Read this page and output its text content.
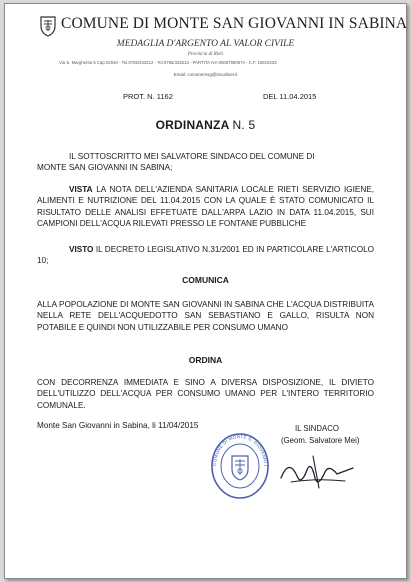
COMUNE DI MONTE SAN GIOVANNI IN SABINA
MEDAGLIA D'ARGENTO AL VALOR CIVILE
Provincia di Rieti
Via S. Margherita 5 Cap.02040 - Tel.0765/333212 - Tel.0765/333213 - PARTITA IVA 00087990574 - C.F. 15810233
Email: comunemsg@tiscalinet.it
PROT. N. 1162	DEL 11.04.2015
ORDINANZA N. 5
IL SOTTOSCRITTO MEI SALVATORE SINDACO DEL COMUNE DI
MONTE SAN GIOVANNI IN SABINA;
VISTA LA NOTA DELL'AZIENDA SANITARIA LOCALE RIETI SERVIZIO IGIENE, ALIMENTI E NUTRIZIONE DEL 11.04.2015 CON LA QUALE È STATO COMUNICATO IL RISULTATO DELLE ANALISI EFFETUATE DALL'ARPA LAZIO IN DATA 11.04.2015, SUI CAMPIONI DELL'ACQUA RILEVATI PRESSO LE FONTANE PUBBLICHE
VISTO IL DECRETO LEGISLATIVO N.31/2001 ED IN PARTICOLARE L'ARTICOLO 10;
COMUNICA
ALLA POPOLAZIONE DI MONTE SAN GIOVANNI IN SABINA CHE L'ACQUA DISTRIBUITA NELLA RETE DELL'ACQUEDOTTO SAN SEBASTIANO E GALLO, RISULTA NON POTABILE E QUINDI NON UTILIZZABILE PER CONSUMO UMANO
ORDINA
CON DECORRENZA IMMEDIATA E SINO A DIVERSA DISPOSIZIONE, IL DIVIETO DELL'UTILIZZO DELL'ACQUA PER CONSUMO UMANO PER L'INTERO TERRITORIO COMUNALE.
Monte San Giovanni in Sabina, li 11/04/2015	IL SINDACO
(Geom. Salvatore Mei)
COMUNE DI MONTE S. GIOVANNI I
